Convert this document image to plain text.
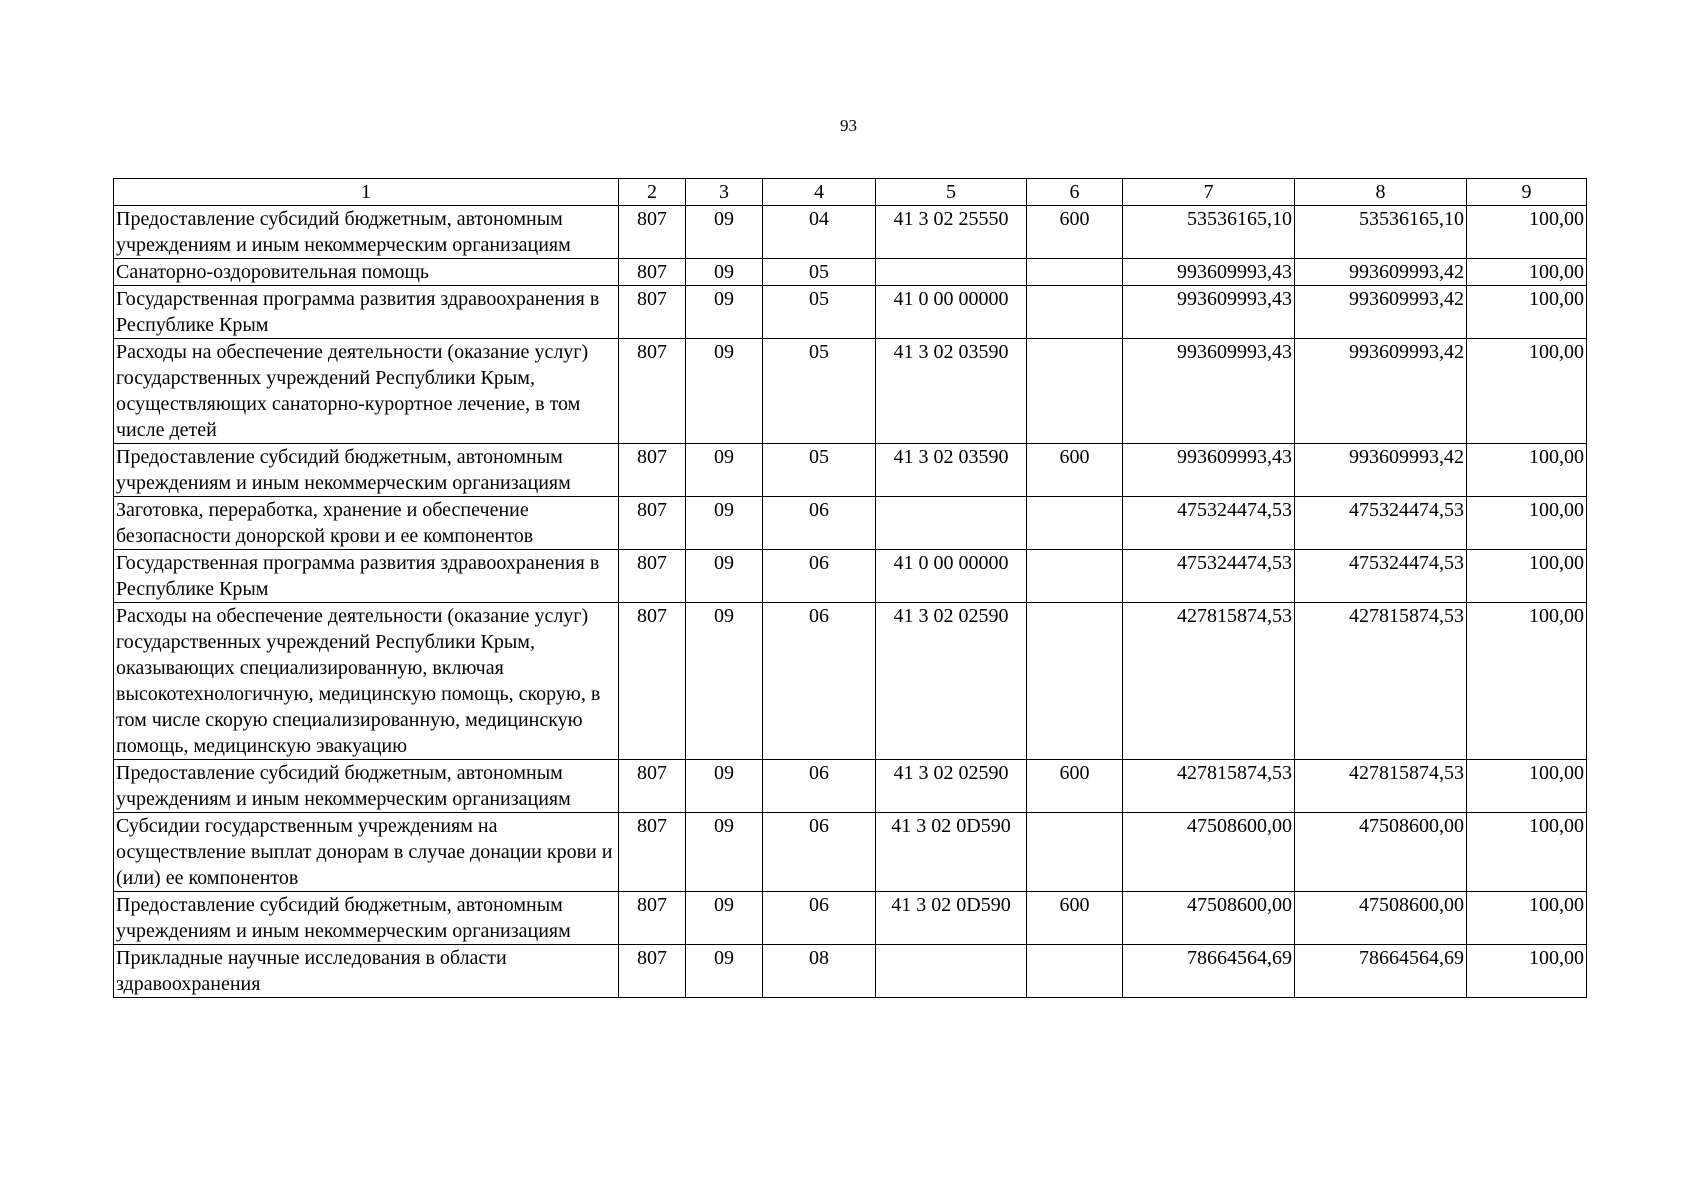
93
1	2	3	4	5	6	7	8	9
Предоставление субсидий бюджетным, автономным учреждениям и иным некоммерческим организациям	807	09	04	41 3 02 25550	600	53536165,10	53536165,10	100,00
Санаторно-оздоровительная помощь	807	09	05			993609993,43	993609993,42	100,00
Государственная программа развития здравоохранения в Республике Крым	807	09	05	41 0 00 00000		993609993,43	993609993,42	100,00
Расходы на обеспечение деятельности (оказание услуг) государственных учреждений Республики Крым, осуществляющих санаторно-курортное лечение, в том числе детей	807	09	05	41 3 02 03590		993609993,43	993609993,42	100,00
Предоставление субсидий бюджетным, автономным учреждениям и иным некоммерческим организациям	807	09	05	41 3 02 03590	600	993609993,43	993609993,42	100,00
Заготовка, переработка, хранение и обеспечение безопасности донорской крови и ее компонентов	807	09	06			475324474,53	475324474,53	100,00
Государственная программа развития здравоохранения в Республике Крым	807	09	06	41 0 00 00000		475324474,53	475324474,53	100,00
Расходы на обеспечение деятельности (оказание услуг) государственных учреждений Республики Крым, оказывающих специализированную, включая высокотехнологичную, медицинскую помощь, скорую, в том числе скорую специализированную, медицинскую помощь, медицинскую эвакуацию	807	09	06	41 3 02 02590		427815874,53	427815874,53	100,00
Предоставление субсидий бюджетным, автономным учреждениям и иным некоммерческим организациям	807	09	06	41 3 02 02590	600	427815874,53	427815874,53	100,00
Субсидии государственным учреждениям на осуществление выплат донорам в случае донации крови и (или) ее компонентов	807	09	06	41 3 02 0D590		47508600,00	47508600,00	100,00
Предоставление субсидий бюджетным, автономным учреждениям и иным некоммерческим организациям	807	09	06	41 3 02 0D590	600	47508600,00	47508600,00	100,00
Прикладные научные исследования в области здравоохранения	807	09	08			78664564,69	78664564,69	100,00
